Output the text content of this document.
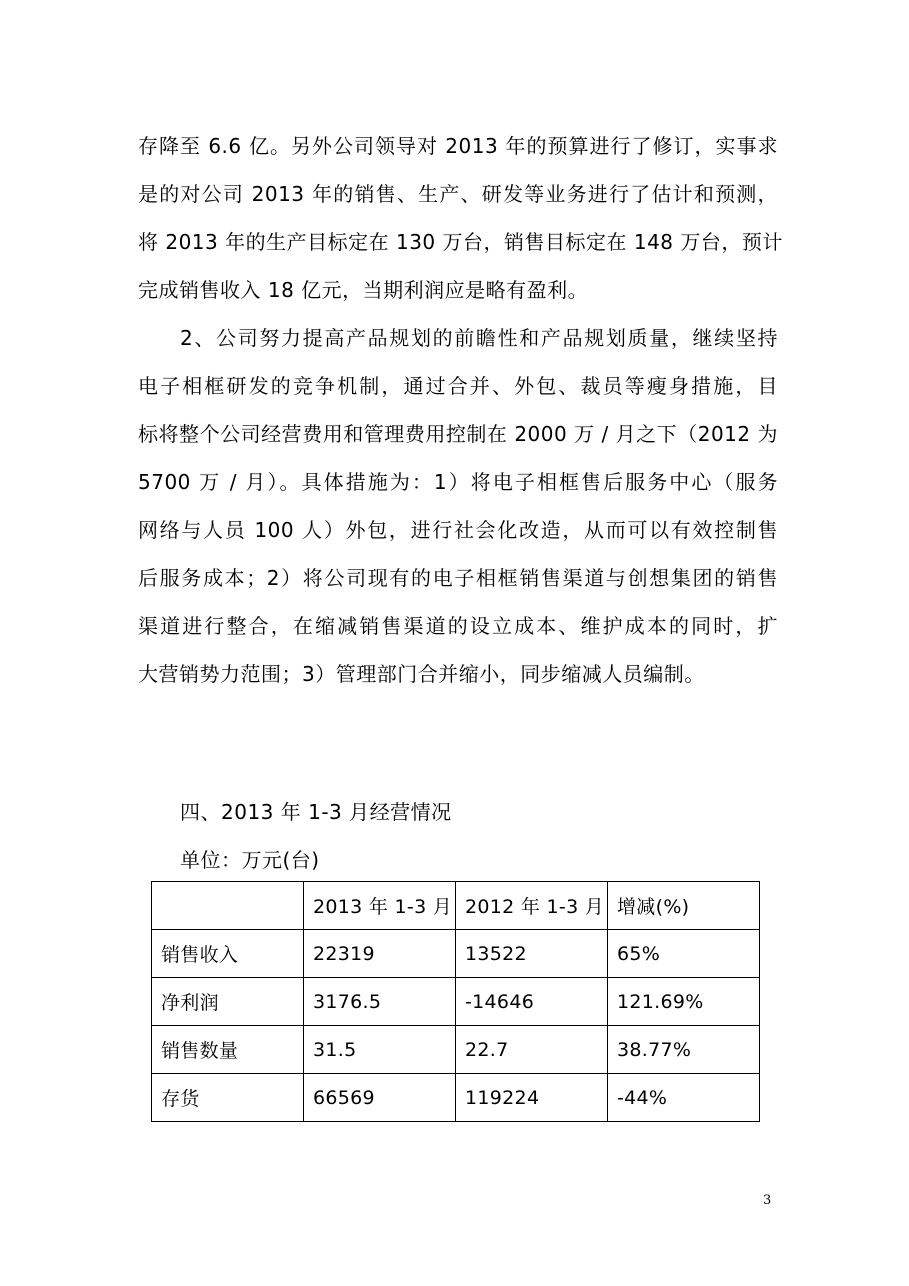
存降至 6.6 亿。另外公司领导对 2013 年的预算进行了修订，实事求
是的对公司 2013 年的销售、生产、研发等业务进行了估计和预测，
将 2013 年的生产目标定在 130 万台，销售目标定在 148 万台，预计
完成销售收入 18 亿元，当期利润应是略有盈利。
2、公司努力提高产品规划的前瞻性和产品规划质量，继续坚持
电子相框研发的竞争机制，通过合并、外包、裁员等瘦身措施，目
标将整个公司经营费用和管理费用控制在 2000 万 / 月之下（2012 为
5700 万 / 月）。具体措施为：1）将电子相框售后服务中心（服务
网络与人员 100 人）外包，进行社会化改造，从而可以有效控制售
后服务成本；2）将公司现有的电子相框销售渠道与创想集团的销售
渠道进行整合，在缩减销售渠道的设立成本、维护成本的同时，扩
大营销势力范围；3）管理部门合并缩小，同步缩减人员编制。
四、2013 年 1-3 月经营情况
单位：万元(台)
	2013 年 1-3 月	2012 年 1-3 月	增减(%)
销售收入	22319	13522	65%
净利润	3176.5	-14646	121.69%
销售数量	31.5	22.7	38.77%
存货	66569	119224	-44%
3
